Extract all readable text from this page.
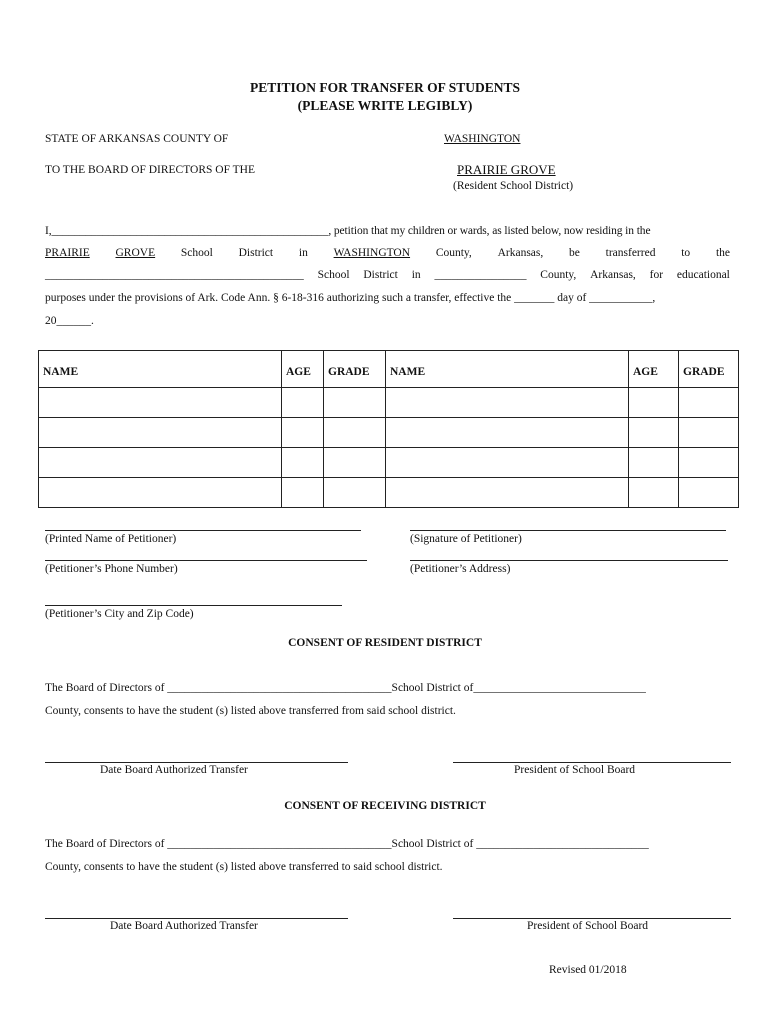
PETITION FOR TRANSFER OF STUDENTS
(PLEASE WRITE LEGIBLY)
STATE OF ARKANSAS COUNTY OF	WASHINGTON
TO THE BOARD OF DIRECTORS OF THE	PRAIRIE GROVE
(Resident School District)
I,_________________________________________________, petition that my children or wards, as listed below, now residing in the
PRAIRIE GROVE School District in WASHINGTON County, Arkansas, be transferred to the
_____________________________________________ School District in ________________ County, Arkansas, for educational
purposes under the provisions of Ark. Code Ann. § 6-18-316 authorizing such a transfer, effective the _______ day of ___________,
20______.
NAME	AGE	GRADE	NAME	AGE	GRADE

(Printed Name of Petitioner)	(Signature of Petitioner)
(Petitioner’s Phone Number)	(Petitioner’s Address)
(Petitioner’s City and Zip Code)
CONSENT OF RESIDENT DISTRICT
The Board of Directors of _______________________________________School District of______________________________
County, consents to have the student (s) listed above transferred from said school district.
Date Board Authorized Transfer	President of School Board
CONSENT OF RECEIVING DISTRICT
The Board of Directors of _______________________________________School District of ______________________________
County, consents to have the student (s) listed above transferred to said school district.
Date Board Authorized Transfer	President of School Board
Revised 01/2018
